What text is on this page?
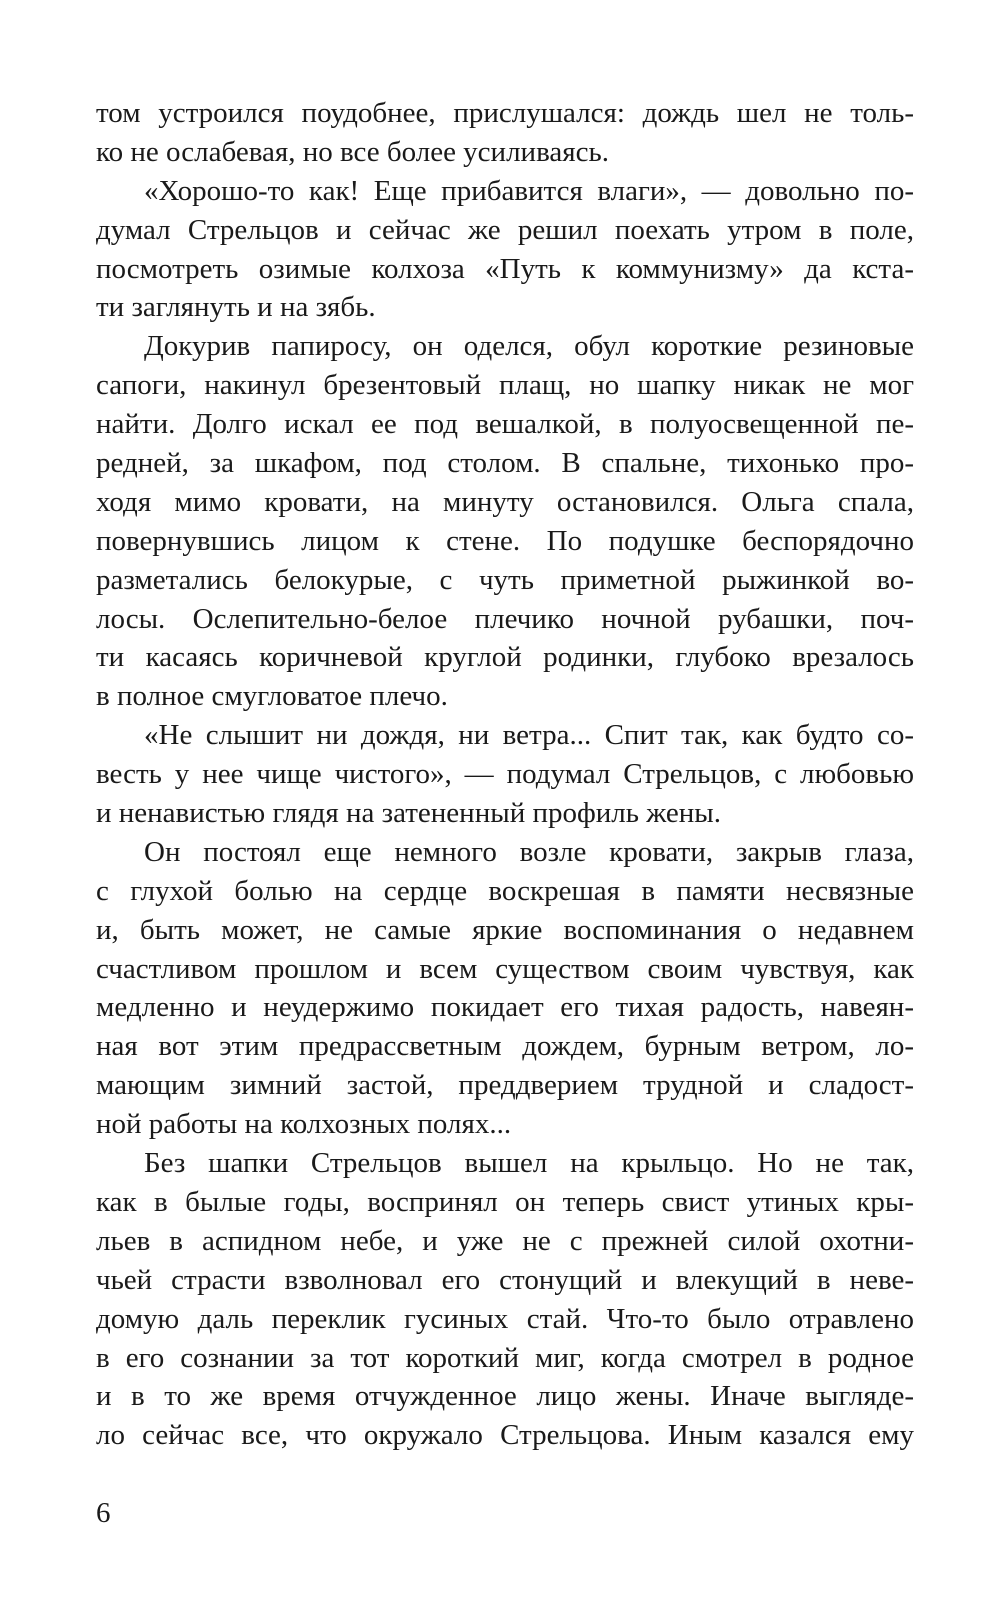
том устроился поудобнее, прислушался: дождь шел не толь-
ко не ослабевая, но все более усиливаясь.
«Хорошо-то как! Еще прибавится влаги», — довольно по-
думал Стрельцов и сейчас же решил поехать утром в поле,
посмотреть озимые колхоза «Путь к коммунизму» да кста-
ти заглянуть и на зябь.
Докурив папиросу, он оделся, обул короткие резиновые
сапоги, накинул брезентовый плащ, но шапку никак не мог
найти. Долго искал ее под вешалкой, в полуосвещенной пе-
редней, за шкафом, под столом. В спальне, тихонько про-
ходя мимо кровати, на минуту остановился. Ольга спала,
повернувшись лицом к стене. По подушке беспорядочно
разметались белокурые, с чуть приметной рыжинкой во-
лосы. Ослепительно-белое плечико ночной рубашки, поч-
ти касаясь коричневой круглой родинки, глубоко врезалось
в полное смугловатое плечо.
«Не слышит ни дождя, ни ветра... Спит так, как будто со-
весть у нее чище чистого», — подумал Стрельцов, с любовью
и ненавистью глядя на затененный профиль жены.
Он постоял еще немного возле кровати, закрыв глаза,
с глухой болью на сердце воскрешая в памяти несвязные
и, быть может, не самые яркие воспоминания о недавнем
счастливом прошлом и всем существом своим чувствуя, как
медленно и неудержимо покидает его тихая радость, навеян-
ная вот этим предрассветным дождем, бурным ветром, ло-
мающим зимний застой, преддверием трудной и сладост-
ной работы на колхозных полях...
Без шапки Стрельцов вышел на крыльцо. Но не так,
как в былые годы, воспринял он теперь свист утиных кры-
льев в аспидном небе, и уже не с прежней силой охотни-
чьей страсти взволновал его стонущий и влекущий в неве-
домую даль переклик гусиных стай. Что-то было отравлено
в его сознании за тот короткий миг, когда смотрел в родное
и в то же время отчужденное лицо жены. Иначе выгляде-
ло сейчас все, что окружало Стрельцова. Иным казался ему
6
